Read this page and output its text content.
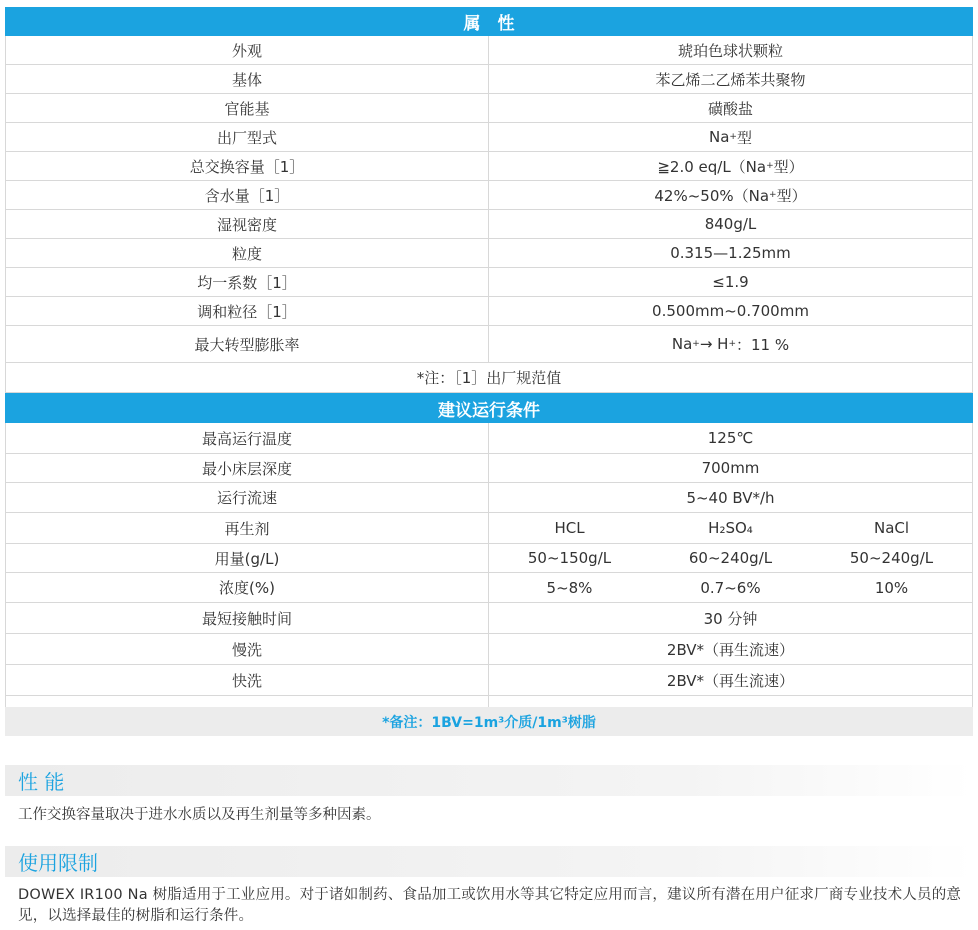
属　性
外观	琥珀色球状颗粒
基体	苯乙烯二乙烯苯共聚物
官能基	磺酸盐
出厂型式	Na + 型
总交换容量［1］	≧2.0 eq/L（Na + 型）
含水量［1］	42%~50%（Na + 型）
湿视密度	840g/L
粒度	0.315—1.25mm
均一系数［1］	≤1.9
调和粒径［1］	0.500mm~0.700mm
最大转型膨胀率	Na + → H + ：11 %
*注：［1］出厂规范值
建议运行条件
最高运行温度	125℃
最小床层深度	700mm
运行流速	5~40 BV*/h
再生剂	HCL	H₂SO₄	NaCl
用量(g/L)	50~150g/L	60~240g/L	50~240g/L
浓度(%)	5~8%	0.7~6%	10%
最短接触时间	30 分钟
慢洗	2BV*（再生流速）
快洗	2BV*（再生流速）
*备注：1BV=1m³介质/1m³树脂
性 能
工作交换容量取决于进水水质以及再生剂量等多种因素。
使用限制
DOWEX IR100 Na 树脂适用于工业应用。对于诸如制药、食品加工或饮用水等其它特定应用而言，建议所有潜在用户征求厂商专业技术人员的意见，以选择最佳的树脂和运行条件。
